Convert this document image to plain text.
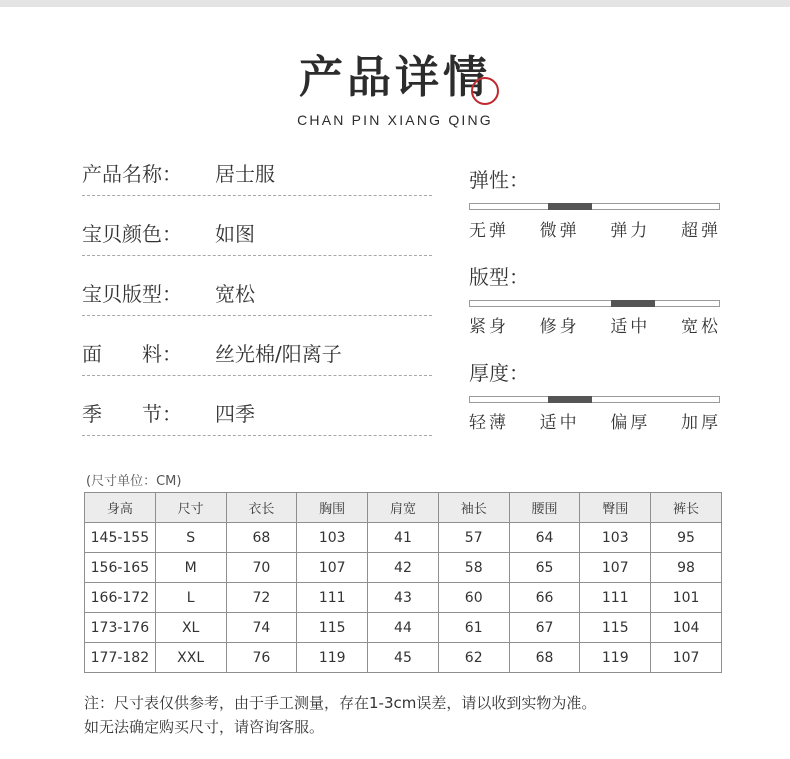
产品详情
CHAN PIN XIANG QING
产品名称：	居士服
宝贝颜色：	如图
宝贝版型：	宽松
面　　料：	丝光棉/阳离子
季　　节：	四季
弹性：
无弹 微弹 弹力 超弹
版型：
紧身 修身 适中 宽松
厚度：
轻薄 适中 偏厚 加厚
(尺寸单位：CM)
身高	尺寸	衣长	胸围	肩宽	袖长	腰围	臀围	裤长
145-155	S	68	103	41	57	64	103	95
156-165	M	70	107	42	58	65	107	98
166-172	L	72	111	43	60	66	111	101
173-176	XL	74	115	44	61	67	115	104
177-182	XXL	76	119	45	62	68	119	107
注：尺寸表仅供参考，由于手工测量，存在1-3cm误差，请以收到实物为准。
如无法确定购买尺寸，请咨询客服。
